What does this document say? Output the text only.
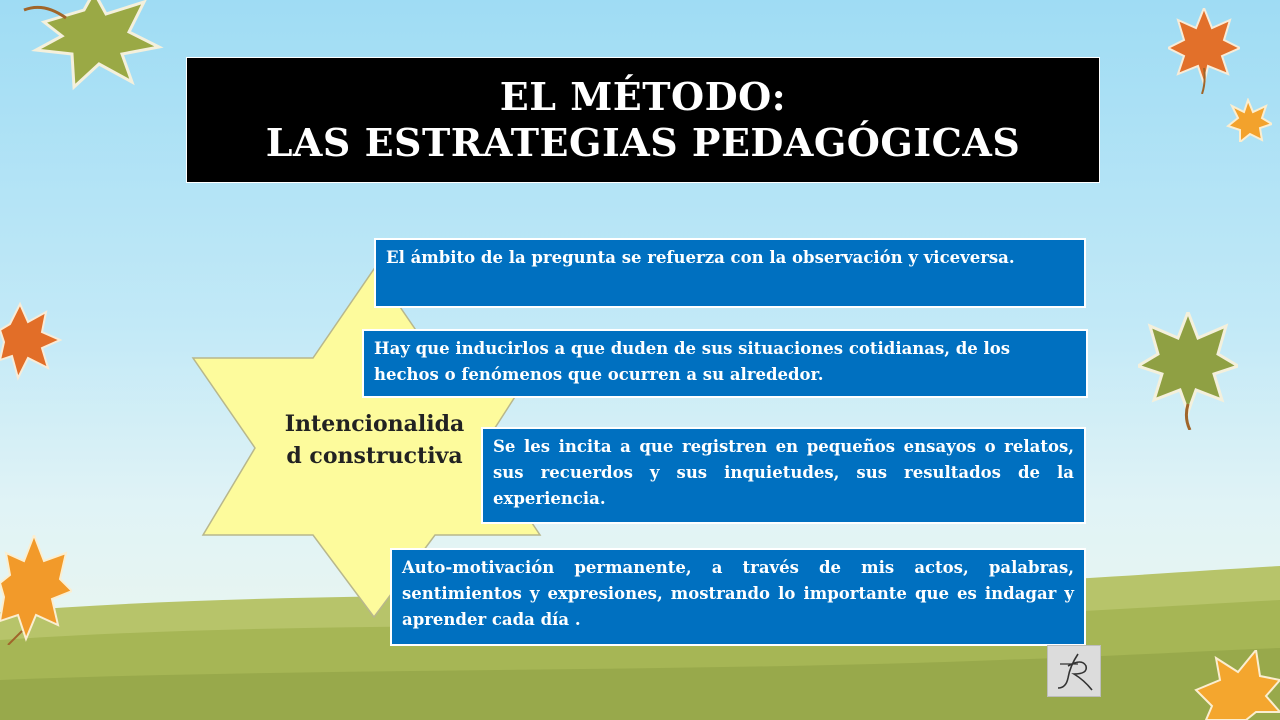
EL MÉTODO:
LAS ESTRATEGIAS PEDAGÓGICAS
Intencionalida
d constructiva
El ámbito de la pregunta se refuerza con la observación y viceversa.
Hay que inducirlos a que duden de sus situaciones cotidianas, de los hechos o fenómenos que ocurren a su alrededor.
Se les incita a que registren en pequeños ensayos o relatos, sus recuerdos y sus inquietudes, sus resultados de la experiencia.
Auto-motivación permanente, a través de mis actos, palabras, sentimientos y expresiones, mostrando lo importante que es indagar y aprender cada día .
